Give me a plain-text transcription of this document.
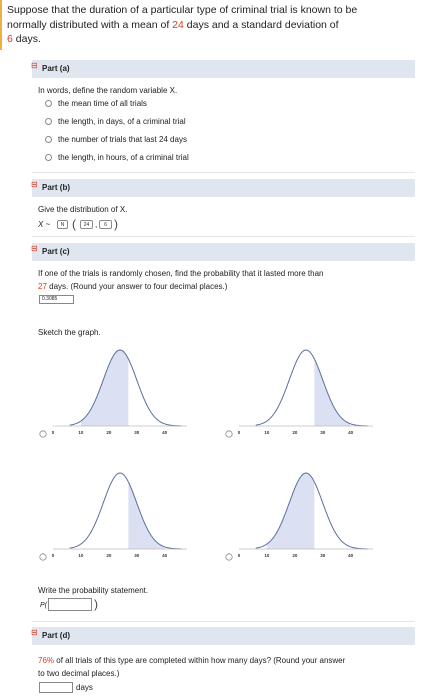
Suppose that the duration of a particular type of criminal trial is known to be
normally distributed with a mean of 24 days and a standard deviation of
6 days.

⊟ Part (a)
In words, define the random variable X.
the mean time of all trials
the length, in days, of a criminal trial
the number of trials that last 24 days
the length, in hours, of a criminal trial
⊟ Part (b)
Give the distribution of X.
X ~	N (	24 ,	6 )
⊟ Part (c)
If one of the trials is randomly chosen, find the probability that it lasted more than
27 days. (Round your answer to four decimal places.)
0.3085
Sketch the graph.
0	10	20	30	40	0	10	20	30	40
0	10	20	30	40	0	10	20	30	40
Write the probability statement.
P(	)
⊟ Part (d)
76% of all trials of this type are completed within how many days? (Round your answer
to two decimal places.)
days
